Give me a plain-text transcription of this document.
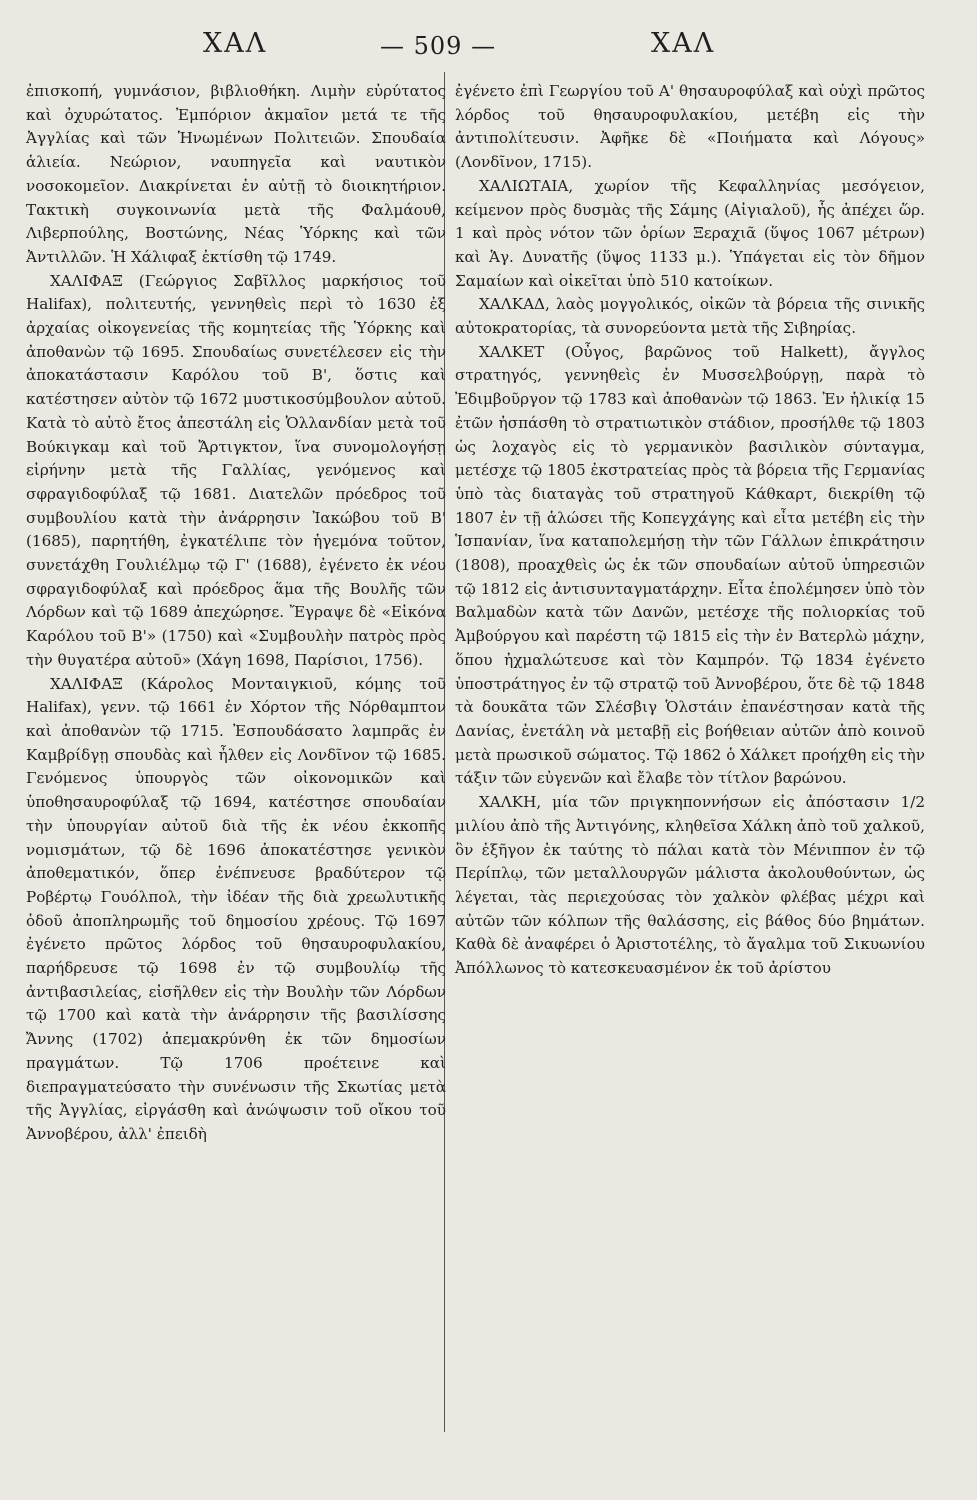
ΧΑΛ	— 509 —	ΧΑΛ

ἐπισκοπή, γυμνάσιον, βιβλιοθήκη. Λιμὴν εὐρύτατος καὶ ὀχυρώτατος. Ἐμπόριον ἀκμαῖον μετά τε τῆς Ἀγγλίας καὶ τῶν Ἡνωμένων Πολιτειῶν. Σπουδαία ἁλιεία. Νεώριον, ναυπηγεῖα καὶ ναυτικὸν νοσοκομεῖον. Διακρίνεται ἐν αὐτῇ τὸ διοικητήριον. Τακτικὴ συγκοινωνία μετὰ τῆς Φαλμάουθ, Λιβερπούλης, Βοστώνης, Νέας Ὑόρκης καὶ τῶν Ἀντιλλῶν. Ἡ Χάλιφαξ ἐκτίσθη τῷ 1749.

ΧΑΛΙΦΑΞ (Γεώργιος Σαβῖλλος μαρκήσιος τοῦ Halifax), πολιτευτής, γεννηθεὶς περὶ τὸ 1630 ἐξ ἀρχαίας οἰκογενείας τῆς κομητείας τῆς Ὑόρκης καὶ ἀποθανὼν τῷ 1695. Σπουδαίως συνετέλεσεν εἰς τὴν ἀποκατάστασιν Καρόλου τοῦ Β', ὅστις καὶ κατέστησεν αὐτὸν τῷ 1672 μυστικοσύμβουλον αὐτοῦ. Κατὰ τὸ αὐτὸ ἔτος ἀπεστάλη εἰς Ὁλλανδίαν μετὰ τοῦ Βούκιγκαμ καὶ τοῦ Ἄρτιγκτον, ἵνα συνομολογήσῃ εἰρήνην μετὰ τῆς Γαλλίας, γενόμενος καὶ σφραγιδοφύλαξ τῷ 1681. Διατελῶν πρόεδρος τοῦ συμβουλίου κατὰ τὴν ἀνάρρησιν Ἰακώβου τοῦ Β' (1685), παρητήθη, ἐγκατέλιπε τὸν ἡγεμόνα τοῦτον, συνετάχθη Γουλιέλμῳ τῷ Γ' (1688), ἐγένετο ἐκ νέου σφραγιδοφύλαξ καὶ πρόεδρος ἅμα τῆς Βουλῆς τῶν Λόρδων καὶ τῷ 1689 ἀπεχώρησε. Ἔγραψε δὲ «Εἰκόνα Καρόλου τοῦ Β'» (1750) καὶ «Συμβουλὴν πατρὸς πρὸς τὴν θυγατέρα αὐτοῦ» (Χάγη 1698, Παρίσιοι, 1756).

ΧΑΛΙΦΑΞ (Κάρολος Μονταιγκιοῦ, κόμης τοῦ Halifax), γενν. τῷ 1661 ἐν Χόρτον τῆς Νόρθαμπτον καὶ ἀποθανὼν τῷ 1715. Ἐσπουδάσατο λαμπρᾶς ἐν Καμβρίδγῃ σπουδὰς καὶ ἦλθεν εἰς Λονδῖνον τῷ 1685. Γενόμενος ὑπουργὸς τῶν οἰκονομικῶν καὶ ὑποθησαυροφύλαξ τῷ 1694, κατέστησε σπουδαίαν τὴν ὑπουργίαν αὐτοῦ διὰ τῆς ἐκ νέου ἐκκοπῆς νομισμάτων, τῷ δὲ 1696 ἀποκατέστησε γενικὸν ἀποθεματικόν, ὅπερ ἐνέπνευσε βραδύτερον τῷ Ροβέρτῳ Γουόλπολ, τὴν ἰδέαν τῆς διὰ χρεωλυτικῆς ὁδοῦ ἀποπληρωμῆς τοῦ δημοσίου χρέους. Τῷ 1697 ἐγένετο πρῶτος λόρδος τοῦ θησαυροφυλακίου, παρήδρευσε τῷ 1698 ἐν τῷ συμβουλίῳ τῆς ἀντιβασιλείας, εἰσῆλθεν εἰς τὴν Βουλὴν τῶν Λόρδων τῷ 1700 καὶ κατὰ τὴν ἀνάρρησιν τῆς βασιλίσσης Ἄννης (1702) ἀπεμακρύνθη ἐκ τῶν δημοσίων πραγμάτων. Τῷ 1706 προέτεινε καὶ διεπραγματεύσατο τὴν συνένωσιν τῆς Σκωτίας μετὰ τῆς Ἀγγλίας, εἰργάσθη καὶ ἀνώψωσιν τοῦ οἴκου τοῦ Ἀννοβέρου, ἀλλ' ἐπειδὴ

ἐγένετο ἐπὶ Γεωργίου τοῦ Α' θησαυροφύλαξ καὶ οὐχὶ πρῶτος λόρδος τοῦ θησαυροφυλακίου, μετέβη εἰς τὴν ἀντιπολίτευσιν. Ἀφῆκε δὲ «Ποιήματα καὶ Λόγους» (Λονδῖνον, 1715).

ΧΑΛΙΩΤΑΙΑ, χωρίον τῆς Κεφαλληνίας μεσόγειον, κείμενον πρὸς δυσμὰς τῆς Σάμης (Αἰγιαλοῦ), ἧς ἀπέχει ὥρ. 1 καὶ πρὸς νότον τῶν ὁρίων Ξεραχιᾶ (ὕψος 1067 μέτρων) καὶ Ἁγ. Δυνατῆς (ὕψος 1133 μ.). Ὑπάγεται εἰς τὸν δῆμον Σαμαίων καὶ οἰκεῖται ὑπὸ 510 κατοίκων.

ΧΑΛΚΑΔ, λαὸς μογγολικός, οἰκῶν τὰ βόρεια τῆς σινικῆς αὐτοκρατορίας, τὰ συνορεύοντα μετὰ τῆς Σιβηρίας.

ΧΑΛΚΕΤ (Οὖγος, βαρῶνος τοῦ Halkett), ἄγγλος στρατηγός, γεννηθεὶς ἐν Μυσσελβούργῃ, παρὰ τὸ Ἐδιμβοῦργον τῷ 1783 καὶ ἀποθανὼν τῷ 1863. Ἐν ἡλικίᾳ 15 ἐτῶν ἠσπάσθη τὸ στρατιωτικὸν στάδιον, προσήλθε τῷ 1803 ὡς λοχαγὸς εἰς τὸ γερμανικὸν βασιλικὸν σύνταγμα, μετέσχε τῷ 1805 ἐκστρατείας πρὸς τὰ βόρεια τῆς Γερμανίας ὑπὸ τὰς διαταγὰς τοῦ στρατηγοῦ Κάθκαρτ, διεκρίθη τῷ 1807 ἐν τῇ ἁλώσει τῆς Κοπεγχάγης καὶ εἶτα μετέβη εἰς τὴν Ἱσπανίαν, ἵνα καταπολεμήσῃ τὴν τῶν Γάλλων ἐπικράτησιν (1808), προαχθεὶς ὡς ἐκ τῶν σπουδαίων αὐτοῦ ὑπηρεσιῶν τῷ 1812 εἰς ἀντισυνταγματάρχην. Εἶτα ἐπολέμησεν ὑπὸ τὸν Βαλμαδὼν κατὰ τῶν Δανῶν, μετέσχε τῆς πολιορκίας τοῦ Ἀμβούργου καὶ παρέστη τῷ 1815 εἰς τὴν ἐν Βατερλὼ μάχην, ὅπου ἠχμαλώτευσε καὶ τὸν Καμπρόν. Τῷ 1834 ἐγένετο ὑποστράτηγος ἐν τῷ στρατῷ τοῦ Ἀννοβέρου, ὅτε δὲ τῷ 1848 τὰ δουκᾶτα τῶν Σλέσβιγ Ὁλστάιν ἐπανέστησαν κατὰ τῆς Δανίας, ἐνετάλη νὰ μεταβῇ εἰς βοήθειαν αὐτῶν ἀπὸ κοινοῦ μετὰ πρωσικοῦ σώματος. Τῷ 1862 ὁ Χάλκετ προήχθη εἰς τὴν τάξιν τῶν εὐγενῶν καὶ ἔλαβε τὸν τίτλον βαρώνου.

ΧΑΛΚΗ, μία τῶν πριγκηποννήσων εἰς ἀπόστασιν 1/2 μιλίου ἀπὸ τῆς Ἀντιγόνης, κληθεῖσα Χάλκη ἀπὸ τοῦ χαλκοῦ, ὃν ἐξῆγον ἐκ ταύτης τὸ πάλαι κατὰ τὸν Μένιππον ἐν τῷ Περίπλῳ, τῶν μεταλλουργῶν μάλιστα ἀκολουθούντων, ὡς λέγεται, τὰς περιεχούσας τὸν χαλκὸν φλέβας μέχρι καὶ αὐτῶν τῶν κόλπων τῆς θαλάσσης, εἰς βάθος δύο βημάτων. Καθὰ δὲ ἀναφέρει ὁ Ἀριστοτέλης, τὸ ἄγαλμα τοῦ Σικυωνίου Ἀπόλλωνος τὸ κατεσκευασμένον ἐκ τοῦ ἀρίστου
